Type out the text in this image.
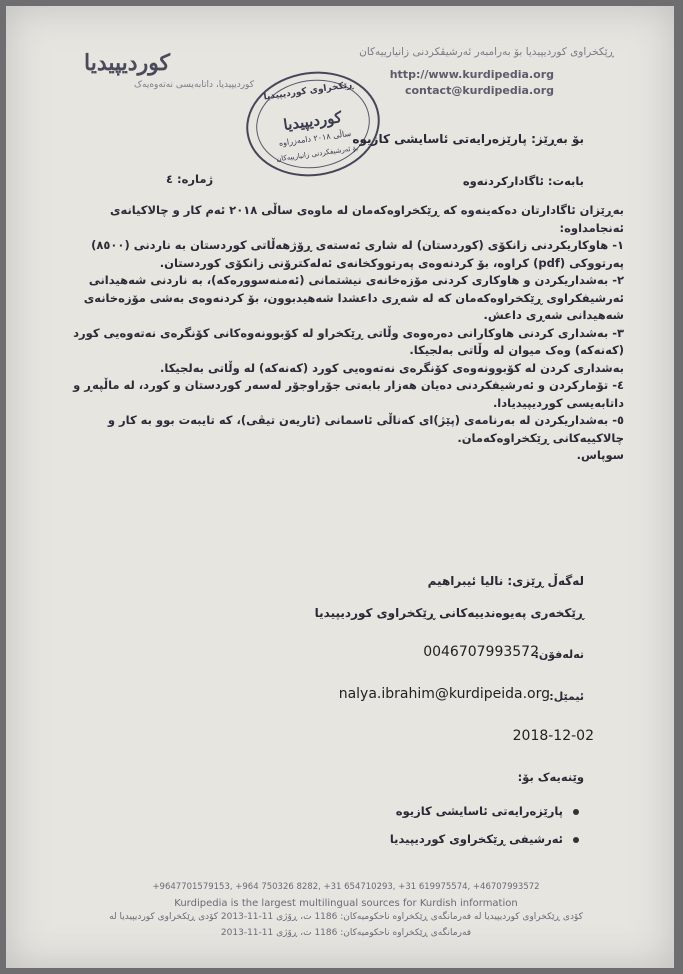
ڕێکخراوی کوردیپیدیا بۆ بەرامبەر ئەرشیڤکردنی زانیارییەکان
http://www.kurdipedia.org
contact@kurdipedia.org
کوردیپیدیا
کوردیپیدیا، داتابەیسی نەتەوەیەک	ڕێکخراوی کوردیپیدیا
کوردیپیدیا
ساڵی ٢٠١٨ دامەزراوە
بۆ ئەرشیفکردنی زانیارییەکان
بۆ بەڕێز: پارێزەرایەتی ئاسایشی کازیوە
بابەت: ئاگادارکردنەوە
ژمارە: ٤

بەڕێزان ئاگادارتان دەکەینەوە کە ڕێکخراوەکەمان لە ماوەی ساڵی ٢٠١٨ ئەم کار و چالاکیانەی ئەنجامداوە:

١- هاوکاریکردنی زانکۆی (کوردستان) لە شاری ئەستەی ڕۆژهەڵاتی کوردستان بە ناردنی (٨٥٠٠) پەرتووکی (pdf) کراوە، بۆ کردنەوەی پەرتووکخانەی ئەلەکترۆنی زانکۆی کوردستان.

٢- بەشداریکردن و هاوکاری کردنی مۆزەخانەی نیشتمانی (ئەمنەسوورەکە)، بە ناردنی شەهیدانی ئەرشیفکراوی ڕێکخراوەکەمان کە لە شەڕی داعشدا شەهیدبوون، بۆ کردنەوەی بەشی مۆزەخانەی شەهیدانی شەڕی داعش.

٣- بەشداری کردنی هاوکارانی دەرەوەی وڵاتی ڕێکخراو لە کۆبوونەوەکانی کۆنگرەی نەتەوەیی کورد (کەنەکە) وەک میوان لە وڵاتی بەلجیکا.

بەشداری کردن لە کۆبوونەوەی کۆنگرەی نەتەوەیی کورد (کەنەکە) لە وڵاتی بەلجیکا.

٤- تۆمارکردن و ئەرشیفکردنی دەیان هەزار بابەتی جۆراوجۆر لەسەر کوردستان و کورد، لە ماڵپەڕ و داتابەیسی کوردیپیدیادا.

٥- بەشداریکردن لە بەرنامەی (پێژ)ای کەناڵی ئاسمانی (ئاریەن تیڤی)، کە تایبەت بوو بە کار و چالاکییەکانی ڕێکخراوەکەمان.

سوپاس.

لەگەڵ ڕێزی: نالیا ئیبراهیم
ڕێکخەری پەیوەندییەکانی ڕێکخراوی کوردیپیدیا
تەلەفۆن:
0046707993572
ئیمێل:
nalya.ibrahim@kurdipeida.org
2018-12-02
وێنەیەک بۆ:
پارێزەرایەتی ئاسایشی کازیوە
ئەرشیفی ڕێکخراوی کوردیپیدیا
+9647701579153, +964 750326 8282, +31 654710293, +31 619975574, +46707993572
Kurdipedia is the largest multilingual sources for Kurdish information
کۆدی ڕێکخراوی کوردیپیدیا لە فەرمانگەی ڕێکخراوە ناحکومیەکان: 1186 ت، ڕۆژی 11-11-2013 کۆدی ڕێکخراوی کوردیپیدیا لە
فەرمانگەی ڕێکخراوە ناحکومیەکان: 1186 ت، ڕۆژی 11-11-2013
